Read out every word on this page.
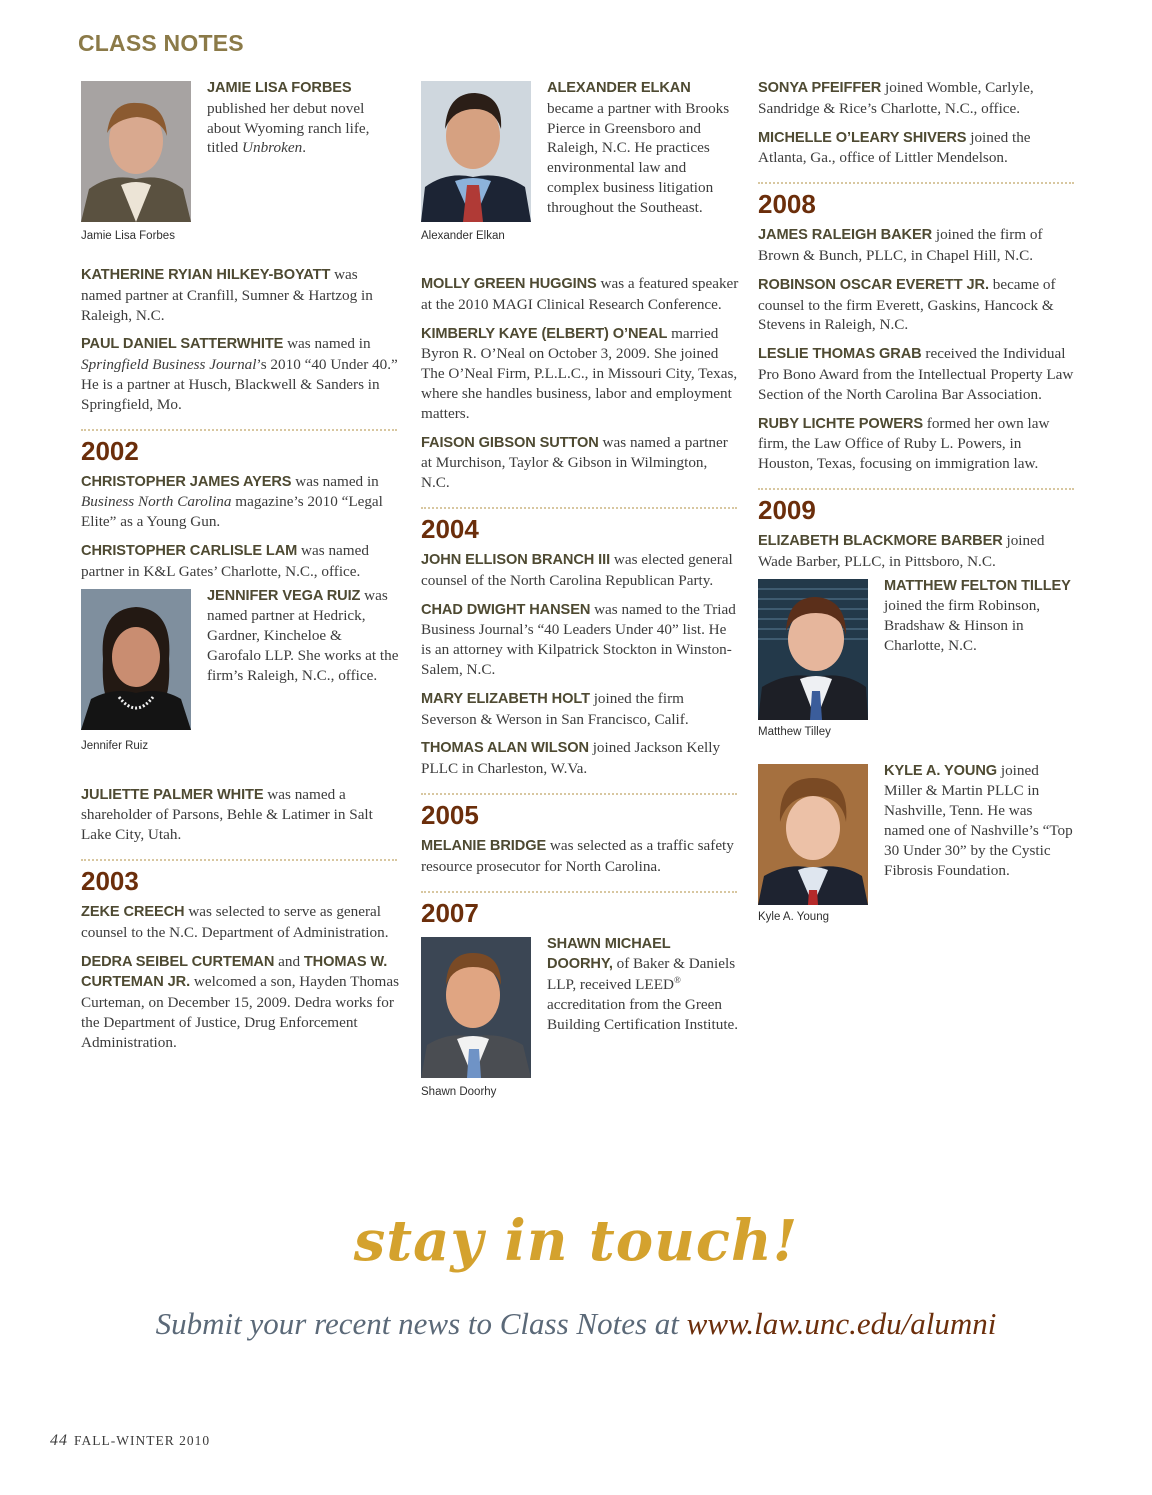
CLASS NOTES
Jamie Lisa Forbes

JAMIE LISA FORBES published her debut novel about Wyoming ranch life, titled Unbroken.

KATHERINE RYIAN HILKEY-BOYATT was named partner at Cranfill, Sumner & Hartzog in Raleigh, N.C.

PAUL DANIEL SATTERWHITE was named in Springfield Business Journal’s 2010 “40 Under 40.” He is a partner at Husch, Blackwell & Sanders in Springfield, Mo.

2002

CHRISTOPHER JAMES AYERS was named in Business North Carolina magazine’s 2010 “Legal Elite” as a Young Gun.

CHRISTOPHER CARLISLE LAM was named partner in K&L Gates’ Charlotte, N.C., office.

Jennifer Ruiz

JENNIFER VEGA RUIZ was named partner at Hedrick, Gardner, Kincheloe & Garofalo LLP. She works at the firm’s Raleigh, N.C., office.

JULIETTE PALMER WHITE was named a shareholder of Parsons, Behle & Latimer in Salt Lake City, Utah.

2003

ZEKE CREECH was selected to serve as general counsel to the N.C. Department of Administration.

DEDRA SEIBEL CURTEMAN and THOMAS W. CURTEMAN JR. welcomed a son, Hayden Thomas Curteman, on December 15, 2009. Dedra works for the Department of Justice, Drug Enforcement Administration.

Alexander Elkan

ALEXANDER ELKAN became a partner with Brooks Pierce in Greensboro and Raleigh, N.C. He practices environmental law and complex business litigation throughout the Southeast.

MOLLY GREEN HUGGINS was a featured speaker at the 2010 MAGI Clinical Research Conference.

KIMBERLY KAYE (ELBERT) O’NEAL married Byron R. O’Neal on October 3, 2009. She joined The O’Neal Firm, P.L.L.C., in Missouri City, Texas, where she handles business, labor and employment matters.

FAISON GIBSON SUTTON was named a partner at Murchison, Taylor & Gibson in Wilmington, N.C.

2004

JOHN ELLISON BRANCH III was elected general counsel of the North Carolina Republican Party.

CHAD DWIGHT HANSEN was named to the Triad Business Journal’s “40 Leaders Under 40” list. He is an attorney with Kilpatrick Stockton in Winston-Salem, N.C.

MARY ELIZABETH HOLT joined the firm Severson & Werson in San Francisco, Calif.

THOMAS ALAN WILSON joined Jackson Kelly PLLC in Charleston, W.Va.

2005

MELANIE BRIDGE was selected as a traffic safety resource prosecutor for North Carolina.

2007
Shawn Doorhy

SHAWN MICHAEL DOORHY, of Baker & Daniels LLP, received LEED® accreditation from the Green Building Certification Institute.

SONYA PFEIFFER joined Womble, Carlyle, Sandridge & Rice’s Charlotte, N.C., office.

MICHELLE O’LEARY SHIVERS joined the Atlanta, Ga., office of Littler Mendelson.

2008

JAMES RALEIGH BAKER joined the firm of Brown & Bunch, PLLC, in Chapel Hill, N.C.

ROBINSON OSCAR EVERETT JR. became of counsel to the firm Everett, Gaskins, Hancock & Stevens in Raleigh, N.C.

LESLIE THOMAS GRAB received the Individual Pro Bono Award from the Intellectual Property Law Section of the North Carolina Bar Association.

RUBY LICHTE POWERS formed her own law firm, the Law Office of Ruby L. Powers, in Houston, Texas, focusing on immigration law.

2009

ELIZABETH BLACKMORE BARBER joined Wade Barber, PLLC, in Pittsboro, N.C.

Matthew Tilley

MATTHEW FELTON TILLEY joined the firm Robinson, Bradshaw & Hinson in Charlotte, N.C.

Kyle A. Young

KYLE A. YOUNG joined Miller & Martin PLLC in Nashville, Tenn. He was named one of Nashville’s “Top 30 Under 30” by the Cystic Fibrosis Foundation.

stay in touch!
Submit your recent news to Class Notes at www.law.unc.edu/alumni
44 FALL-WINTER 2010
